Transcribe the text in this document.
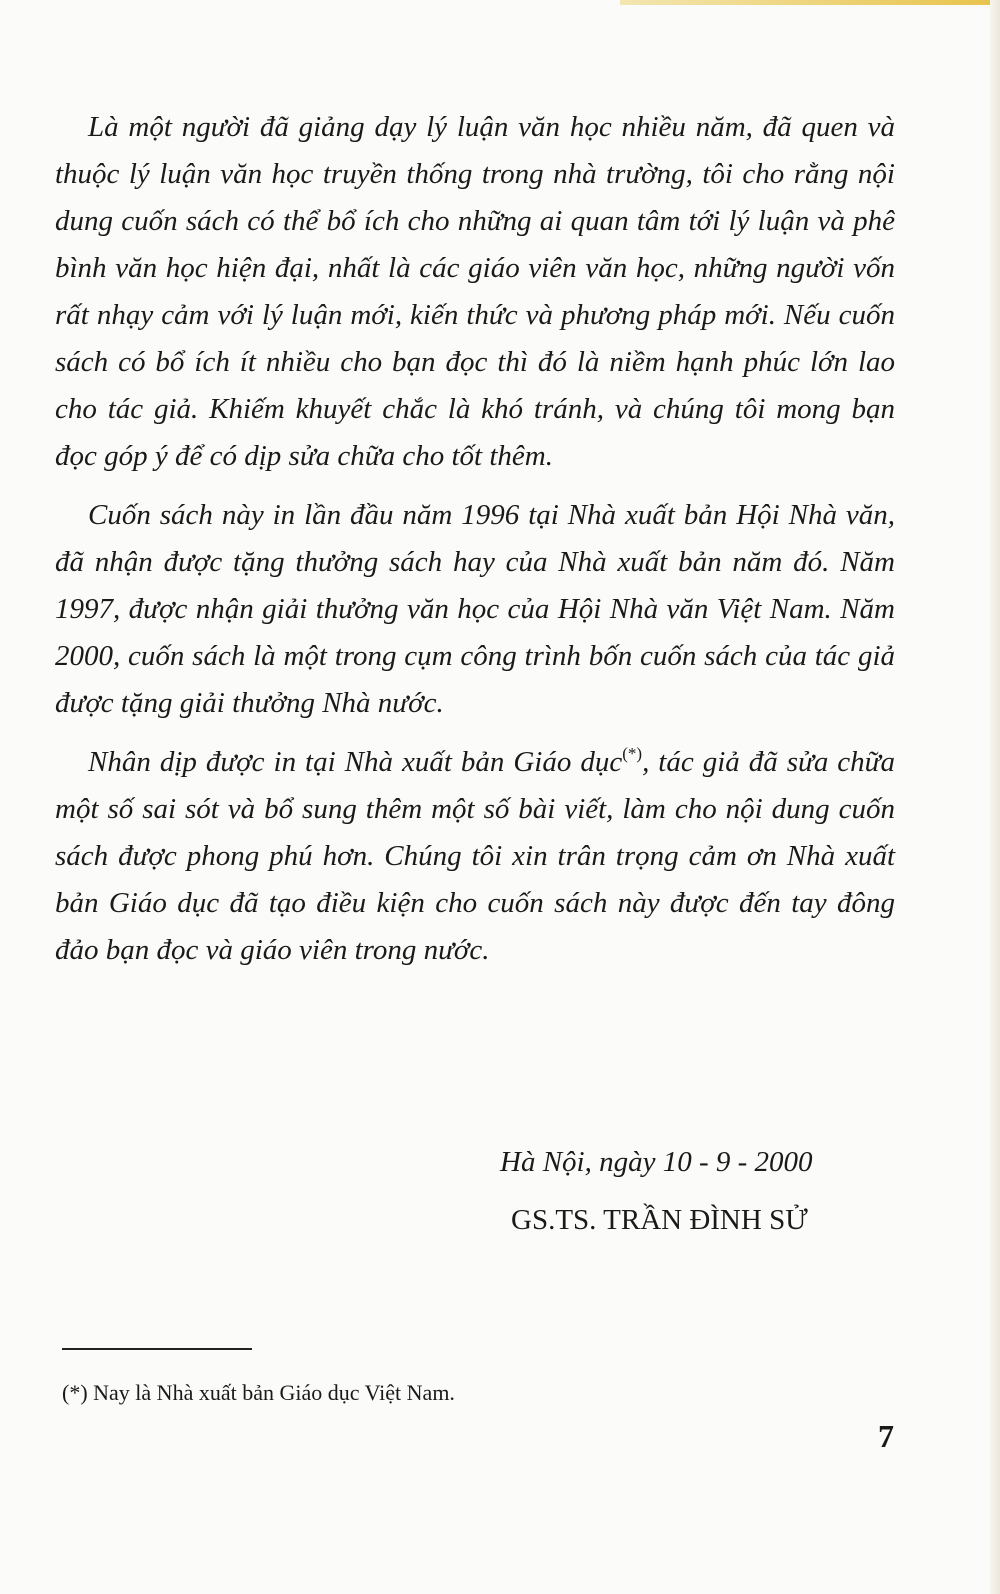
Là một người đã giảng dạy lý luận văn học nhiều năm, đã quen và thuộc lý luận văn học truyền thống trong nhà trường, tôi cho rằng nội dung cuốn sách có thể bổ ích cho những ai quan tâm tới lý luận và phê bình văn học hiện đại, nhất là các giáo viên văn học, những người vốn rất nhạy cảm với lý luận mới, kiến thức và phương pháp mới. Nếu cuốn sách có bổ ích ít nhiều cho bạn đọc thì đó là niềm hạnh phúc lớn lao cho tác giả. Khiếm khuyết chắc là khó tránh, và chúng tôi mong bạn đọc góp ý để có dịp sửa chữa cho tốt thêm.

Cuốn sách này in lần đầu năm 1996 tại Nhà xuất bản Hội Nhà văn, đã nhận được tặng thưởng sách hay của Nhà xuất bản năm đó. Năm 1997, được nhận giải thưởng văn học của Hội Nhà văn Việt Nam. Năm 2000, cuốn sách là một trong cụm công trình bốn cuốn sách của tác giả được tặng giải thưởng Nhà nước.

Nhân dịp được in tại Nhà xuất bản Giáo dục(*), tác giả đã sửa chữa một số sai sót và bổ sung thêm một số bài viết, làm cho nội dung cuốn sách được phong phú hơn. Chúng tôi xin trân trọng cảm ơn Nhà xuất bản Giáo dục đã tạo điều kiện cho cuốn sách này được đến tay đông đảo bạn đọc và giáo viên trong nước.

Hà Nội, ngày 10 - 9 - 2000
GS.TS. TRẦN ĐÌNH SỬ
(*) Nay là Nhà xuất bản Giáo dục Việt Nam.
7
